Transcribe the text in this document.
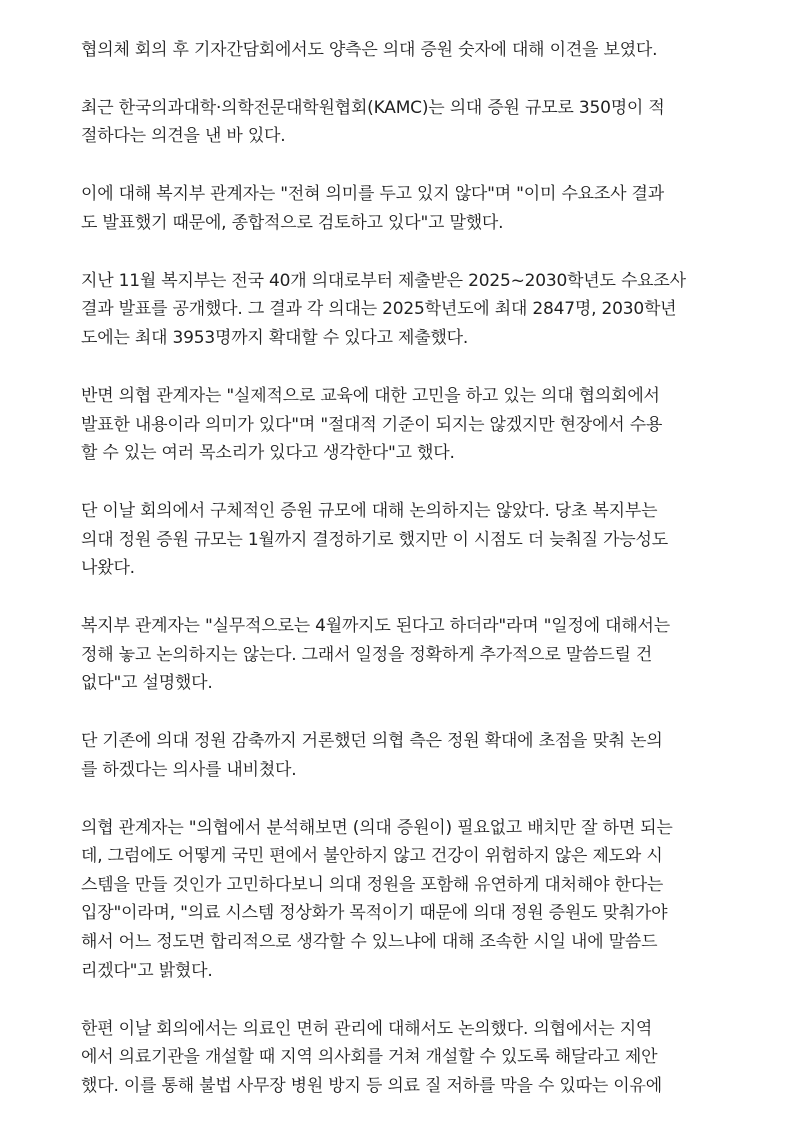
협의체 회의 후 기자간담회에서도 양측은 의대 증원 숫자에 대해 이견을 보였다.

최근 한국의과대학·의학전문대학원협회(KAMC)는 의대 증원 규모로 350명이 적
절하다는 의견을 낸 바 있다.

이에 대해 복지부 관계자는 "전혀 의미를 두고 있지 않다"며 "이미 수요조사 결과
도 발표했기 때문에, 종합적으로 검토하고 있다"고 말했다.

지난 11월 복지부는 전국 40개 의대로부터 제출받은 2025~2030학년도 수요조사
결과 발표를 공개했다. 그 결과 각 의대는 2025학년도에 최대 2847명, 2030학년
도에는 최대 3953명까지 확대할 수 있다고 제출했다.

반면 의협 관계자는 "실제적으로 교육에 대한 고민을 하고 있는 의대 협의회에서
발표한 내용이라 의미가 있다"며 "절대적 기준이 되지는 않겠지만 현장에서 수용
할 수 있는 여러 목소리가 있다고 생각한다"고 했다.

단 이날 회의에서 구체적인 증원 규모에 대해 논의하지는 않았다. 당초 복지부는
의대 정원 증원 규모는 1월까지 결정하기로 했지만 이 시점도 더 늦춰질 가능성도
나왔다.

복지부 관계자는 "실무적으로는 4월까지도 된다고 하더라"라며 "일정에 대해서는
정해 놓고 논의하지는 않는다. 그래서 일정을 정확하게 추가적으로 말씀드릴 건
없다"고 설명했다.

단 기존에 의대 정원 감축까지 거론했던 의협 측은 정원 확대에 초점을 맞춰 논의
를 하겠다는 의사를 내비쳤다.

의협 관계자는 "의협에서 분석해보면 (의대 증원이) 필요없고 배치만 잘 하면 되는
데, 그럼에도 어떻게 국민 편에서 불안하지 않고 건강이 위험하지 않은 제도와 시
스템을 만들 것인가 고민하다보니 의대 정원을 포함해 유연하게 대처해야 한다는
입장"이라며, "의료 시스템 정상화가 목적이기 때문에 의대 정원 증원도 맞춰가야
해서 어느 정도면 합리적으로 생각할 수 있느냐에 대해 조속한 시일 내에 말씀드
리겠다"고 밝혔다.

한편 이날 회의에서는 의료인 면허 관리에 대해서도 논의했다. 의협에서는 지역
에서 의료기관을 개설할 때 지역 의사회를 거쳐 개설할 수 있도록 해달라고 제안
했다. 이를 통해 불법 사무장 병원 방지 등 의료 질 저하를 막을 수 있따는 이유에
